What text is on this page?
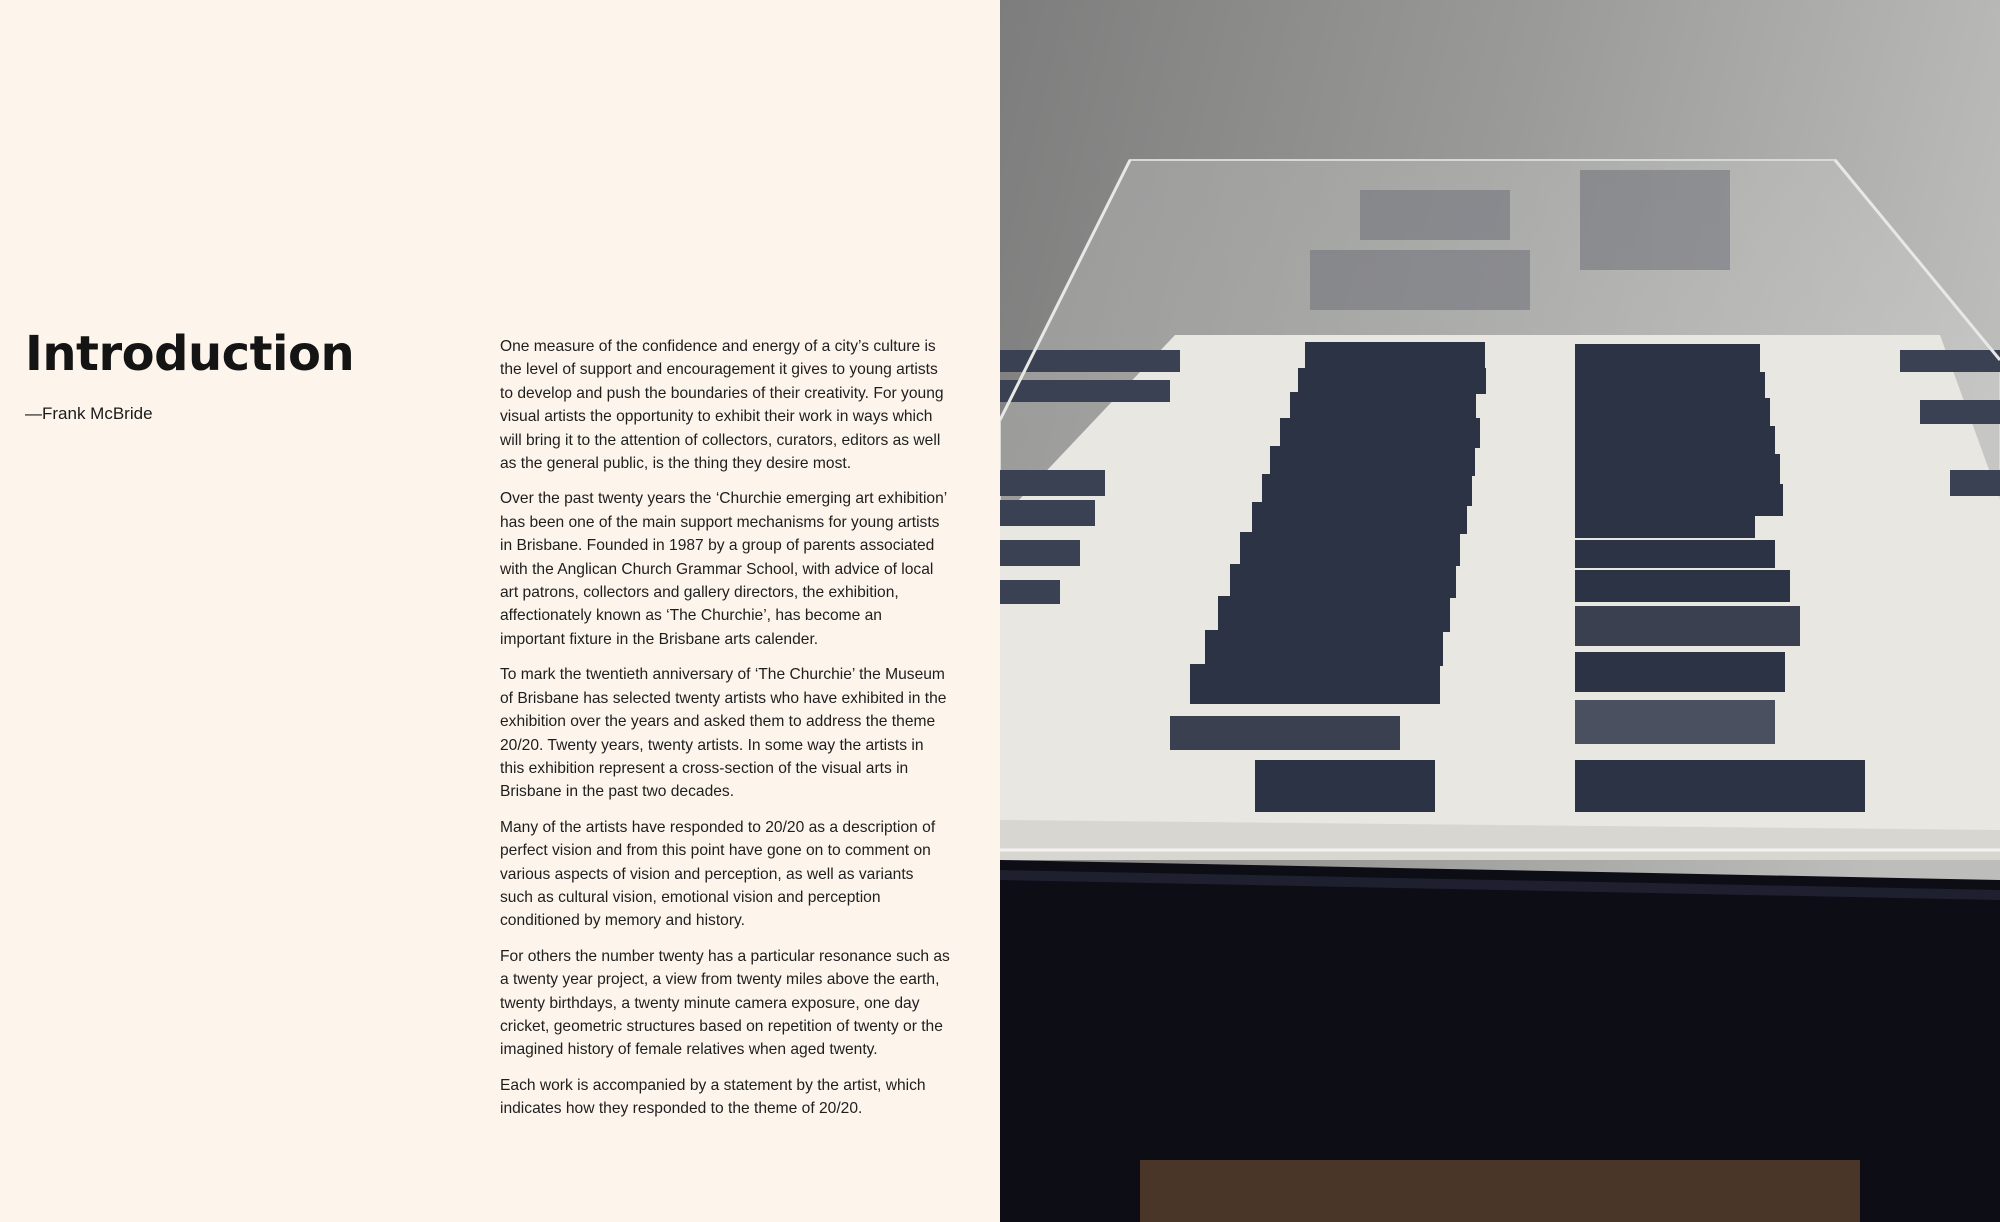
Introduction
—Frank McBride

One measure of the confidence and energy of a city’s culture is the level of support and encouragement it gives to young artists to develop and push the boundaries of their creativity. For young visual artists the opportunity to exhibit their work in ways which will bring it to the attention of collectors, curators, editors as well as the general public, is the thing they desire most.

Over the past twenty years the ‘Churchie emerging art exhibition’ has been one of the main support mechanisms for young artists in Brisbane. Founded in 1987 by a group of parents associated with the Anglican Church Grammar School, with advice of local art patrons, collectors and gallery directors, the exhibition, affectionately known as ‘The Churchie’, has become an important fixture in the Brisbane arts calender.

To mark the twentieth anniversary of ‘The Churchie’ the Museum of Brisbane has selected twenty artists who have exhibited in the exhibition over the years and asked them to address the theme 20/20. Twenty years, twenty artists. In some way the artists in this exhibition represent a cross-section of the visual arts in Brisbane in the past two decades.

Many of the artists have responded to 20/20 as a description of perfect vision and from this point have gone on to comment on various aspects of vision and perception, as well as variants such as cultural vision, emotional vision and perception conditioned by memory and history.

For others the number twenty has a particular resonance such as a twenty year project, a view from twenty miles above the earth, twenty birthdays, a twenty minute camera exposure, one day cricket, geometric structures based on repetition of twenty or the imagined history of female relatives when aged twenty.

Each work is accompanied by a statement by the artist, which indicates how they responded to the theme of 20/20.
